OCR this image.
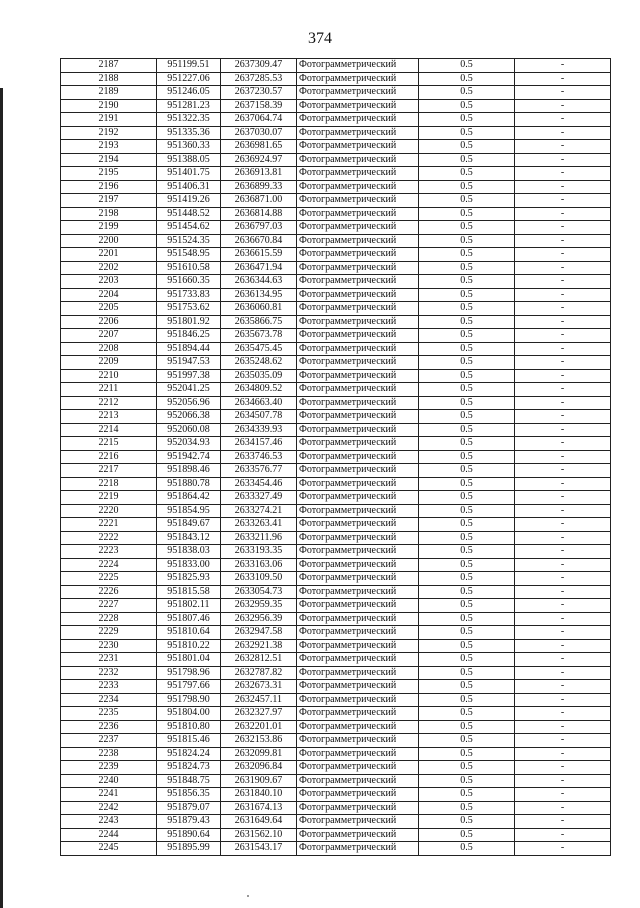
374
2187	951199.51	2637309.47	Фотограмметрический	0.5	-
2188	951227.06	2637285.53	Фотограмметрический	0.5	-
2189	951246.05	2637230.57	Фотограмметрический	0.5	-
2190	951281.23	2637158.39	Фотограмметрический	0.5	-
2191	951322.35	2637064.74	Фотограмметрический	0.5	-
2192	951335.36	2637030.07	Фотограмметрический	0.5	-
2193	951360.33	2636981.65	Фотограмметрический	0.5	-
2194	951388.05	2636924.97	Фотограмметрический	0.5	-
2195	951401.75	2636913.81	Фотограмметрический	0.5	-
2196	951406.31	2636899.33	Фотограмметрический	0.5	-
2197	951419.26	2636871.00	Фотограмметрический	0.5	-
2198	951448.52	2636814.88	Фотограмметрический	0.5	-
2199	951454.62	2636797.03	Фотограмметрический	0.5	-
2200	951524.35	2636670.84	Фотограмметрический	0.5	-
2201	951548.95	2636615.59	Фотограмметрический	0.5	-
2202	951610.58	2636471.94	Фотограмметрический	0.5	-
2203	951660.35	2636344.63	Фотограмметрический	0.5	-
2204	951733.83	2636134.95	Фотограмметрический	0.5	-
2205	951753.62	2636060.81	Фотограмметрический	0.5	-
2206	951801.92	2635866.75	Фотограмметрический	0.5	-
2207	951846.25	2635673.78	Фотограмметрический	0.5	-
2208	951894.44	2635475.45	Фотограмметрический	0.5	-
2209	951947.53	2635248.62	Фотограмметрический	0.5	-
2210	951997.38	2635035.09	Фотограмметрический	0.5	-
2211	952041.25	2634809.52	Фотограмметрический	0.5	-
2212	952056.96	2634663.40	Фотограмметрический	0.5	-
2213	952066.38	2634507.78	Фотограмметрический	0.5	-
2214	952060.08	2634339.93	Фотограмметрический	0.5	-
2215	952034.93	2634157.46	Фотограмметрический	0.5	-
2216	951942.74	2633746.53	Фотограмметрический	0.5	-
2217	951898.46	2633576.77	Фотограмметрический	0.5	-
2218	951880.78	2633454.46	Фотограмметрический	0.5	-
2219	951864.42	2633327.49	Фотограмметрический	0.5	-
2220	951854.95	2633274.21	Фотограмметрический	0.5	-
2221	951849.67	2633263.41	Фотограмметрический	0.5	-
2222	951843.12	2633211.96	Фотограмметрический	0.5	-
2223	951838.03	2633193.35	Фотограмметрический	0.5	-
2224	951833.00	2633163.06	Фотограмметрический	0.5	-
2225	951825.93	2633109.50	Фотограмметрический	0.5	-
2226	951815.58	2633054.73	Фотограмметрический	0.5	-
2227	951802.11	2632959.35	Фотограмметрический	0.5	-
2228	951807.46	2632956.39	Фотограмметрический	0.5	-
2229	951810.64	2632947.58	Фотограмметрический	0.5	-
2230	951810.22	2632921.38	Фотограмметрический	0.5	-
2231	951801.04	2632812.51	Фотограмметрический	0.5	-
2232	951798.96	2632787.82	Фотограмметрический	0.5	-
2233	951797.66	2632673.31	Фотограмметрический	0.5	-
2234	951798.90	2632457.11	Фотограмметрический	0.5	-
2235	951804.00	2632327.97	Фотограмметрический	0.5	-
2236	951810.80	2632201.01	Фотограмметрический	0.5	-
2237	951815.46	2632153.86	Фотограмметрический	0.5	-
2238	951824.24	2632099.81	Фотограмметрический	0.5	-
2239	951824.73	2632096.84	Фотограмметрический	0.5	-
2240	951848.75	2631909.67	Фотограмметрический	0.5	-
2241	951856.35	2631840.10	Фотограмметрический	0.5	-
2242	951879.07	2631674.13	Фотограмметрический	0.5	-
2243	951879.43	2631649.64	Фотограмметрический	0.5	-
2244	951890.64	2631562.10	Фотограмметрический	0.5	-
2245	951895.99	2631543.17	Фотограмметрический	0.5	-
